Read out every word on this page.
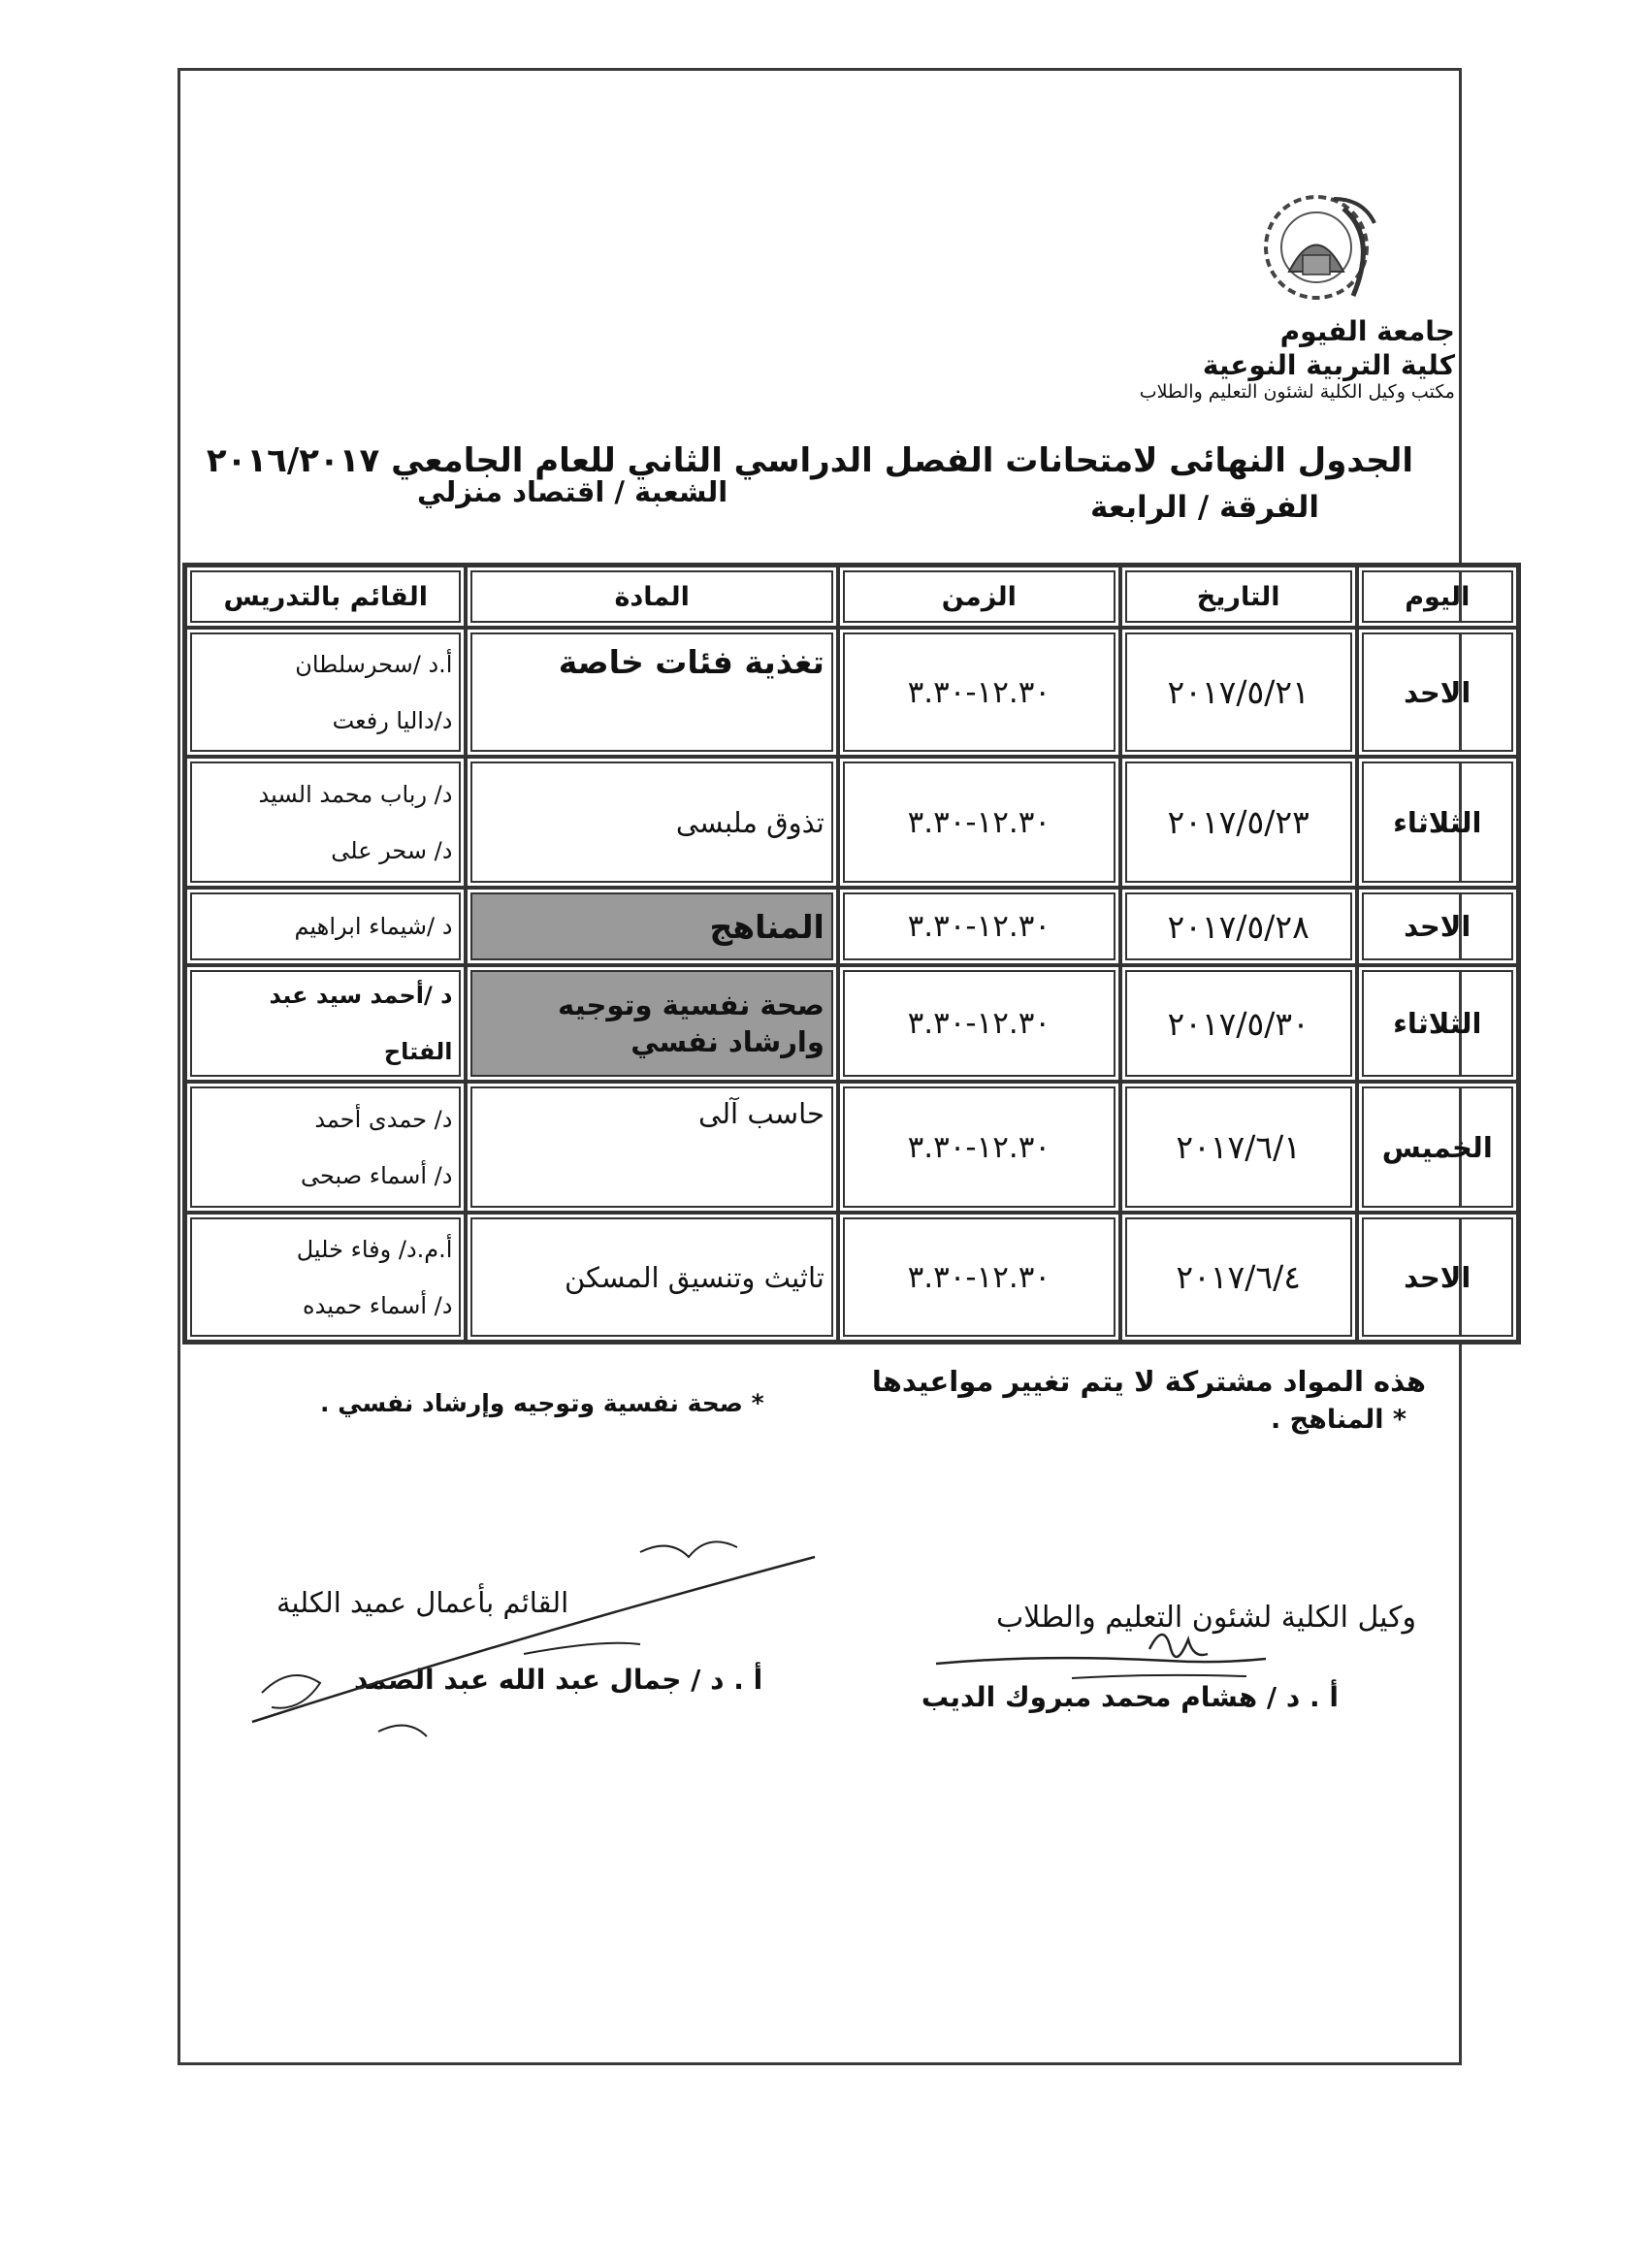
جامعة الفيوم
كلية التربية النوعية
مكتب وكيل الكلية لشئون التعليم والطلاب
الجدول النهائى لامتحانات الفصل الدراسي الثاني للعام الجامعي ٢٠١٦/٢٠١٧
الشعبة / اقتصاد منزلي	الفرقة / الرابعة
اليوم	التاريخ	الزمن	المادة	القائم بالتدريس
الاحد	٢٠١٧/٥/٢١	١٢.٣٠-٣.٣٠	تغذية فئات خاصة	أ.د /سحرسلطان
د/داليا رفعت

الثلاثاء	٢٠١٧/٥/٢٣	١٢.٣٠-٣.٣٠	تذوق ملبسى	د/ رباب محمد السيد
د/ سحر على

الاحد	٢٠١٧/٥/٢٨	١٢.٣٠-٣.٣٠	المناهج	د /شيماء ابراهيم

الثلاثاء	٢٠١٧/٥/٣٠	١٢.٣٠-٣.٣٠	صحة نفسية وتوجيه وارشاد نفسي	د /أحمد سيد عبد الفتاح

الخميس	٢٠١٧/٦/١	١٢.٣٠-٣.٣٠	حاسب آلى	د/ حمدى أحمد
د/ أسماء صبحى

الاحد	٢٠١٧/٦/٤	١٢.٣٠-٣.٣٠	تاثيث وتنسيق المسكن	أ.م.د/ وفاء خليل
د/ أسماء حميده
هذه المواد مشتركة لا يتم تغيير مواعيدها
* المناهج .
* صحة نفسية وتوجيه وإرشاد نفسي .
وكيل الكلية لشئون التعليم والطلاب
أ . د / هشام محمد مبروك الديب
القائم بأعمال عميد الكلية
أ . د / جمال عبد الله عبد الصمد
